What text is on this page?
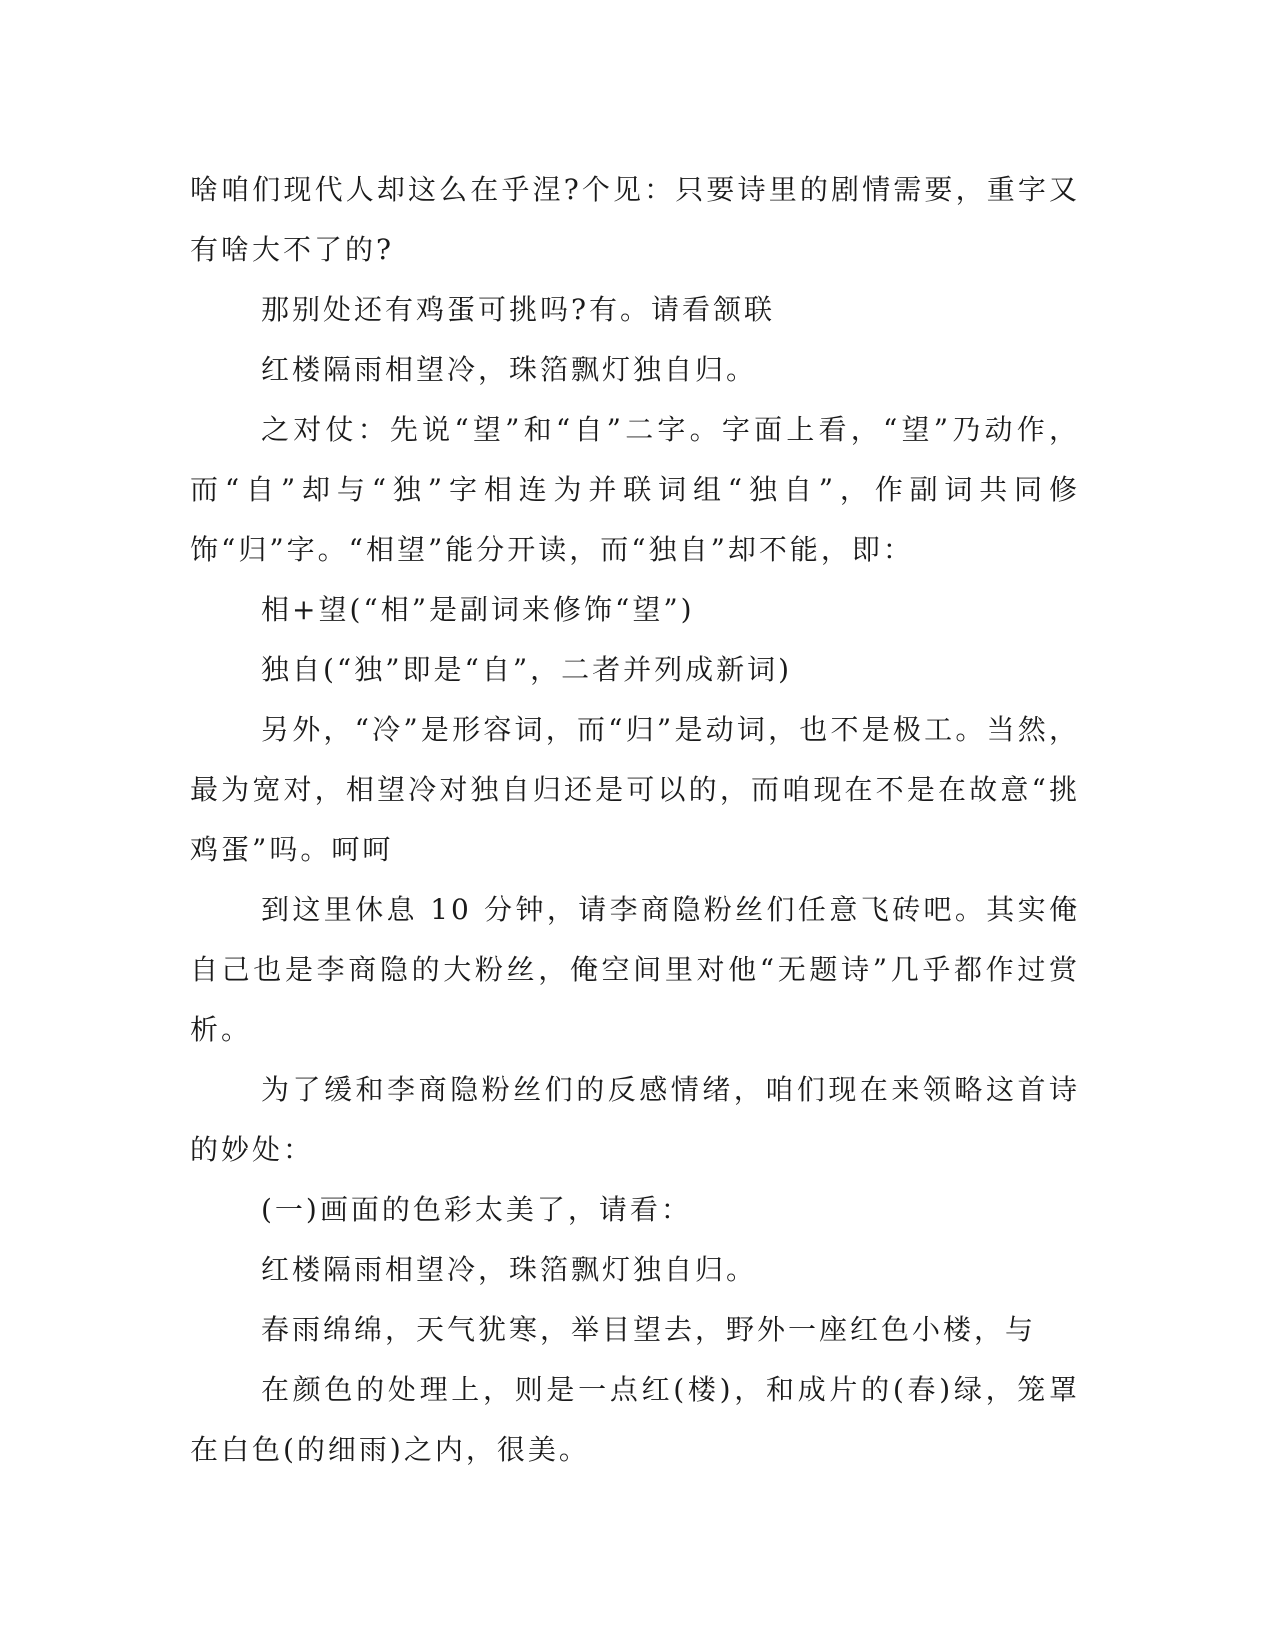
啥咱们现代人却这么在乎涅?个见：只要诗里的剧情需要，重字又有啥大不了的?

那别处还有鸡蛋可挑吗?有。请看颔联

红楼隔雨相望冷，珠箔飘灯独自归。

之对仗：先说“望”和“自”二字。字面上看，“望”乃动作，而“自”却与“独”字相连为并联词组“独自”，作副词共同修饰“归”字。“相望”能分开读，而“独自”却不能，即：

相+望(“相”是副词来修饰“望”)

独自(“独”即是“自”，二者并列成新词)

另外，“冷”是形容词，而“归”是动词，也不是极工。当然，最为宽对，相望冷对独自归还是可以的，而咱现在不是在故意“挑鸡蛋”吗。呵呵

到这里休息 10 分钟，请李商隐粉丝们任意飞砖吧。其实俺自己也是李商隐的大粉丝，俺空间里对他“无题诗”几乎都作过赏析。

为了缓和李商隐粉丝们的反感情绪，咱们现在来领略这首诗的妙处：

(一)画面的色彩太美了，请看：

红楼隔雨相望冷，珠箔飘灯独自归。

春雨绵绵，天气犹寒，举目望去，野外一座红色小楼，与

在颜色的处理上，则是一点红(楼)，和成片的(春)绿，笼罩在白色(的细雨)之内，很美。
